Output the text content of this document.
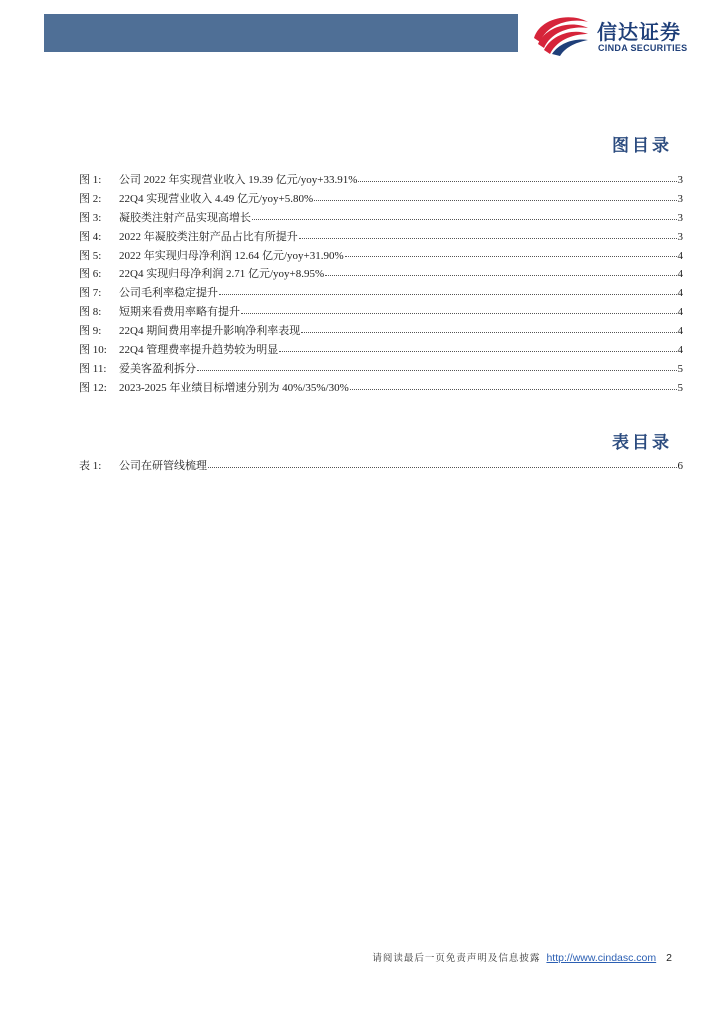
信达证券
CINDA SECURITIES
图目录
图 1:	公司 2022 年实现营业收入 19.39 亿元/yoy+33.91%	3
图 2:	22Q4 实现营业收入 4.49 亿元/yoy+5.80%	3
图 3:	凝胶类注射产品实现高增长	3
图 4:	2022 年凝胶类注射产品占比有所提升	3
图 5:	2022 年实现归母净利润 12.64 亿元/yoy+31.90%	4
图 6:	22Q4 实现归母净利润 2.71 亿元/yoy+8.95%	4
图 7:	公司毛利率稳定提升	4
图 8:	短期来看费用率略有提升	4
图 9:	22Q4 期间费用率提升影响净利率表现	4
图 10:	22Q4 管理费率提升趋势较为明显	4
图 11:	爱美客盈利拆分	5
图 12:	2023-2025 年业绩目标增速分别为 40%/35%/30%	5
表目录
表 1:	公司在研管线梳理	6
请阅读最后一页免责声明及信息披露 http://www.cindasc.com 2
